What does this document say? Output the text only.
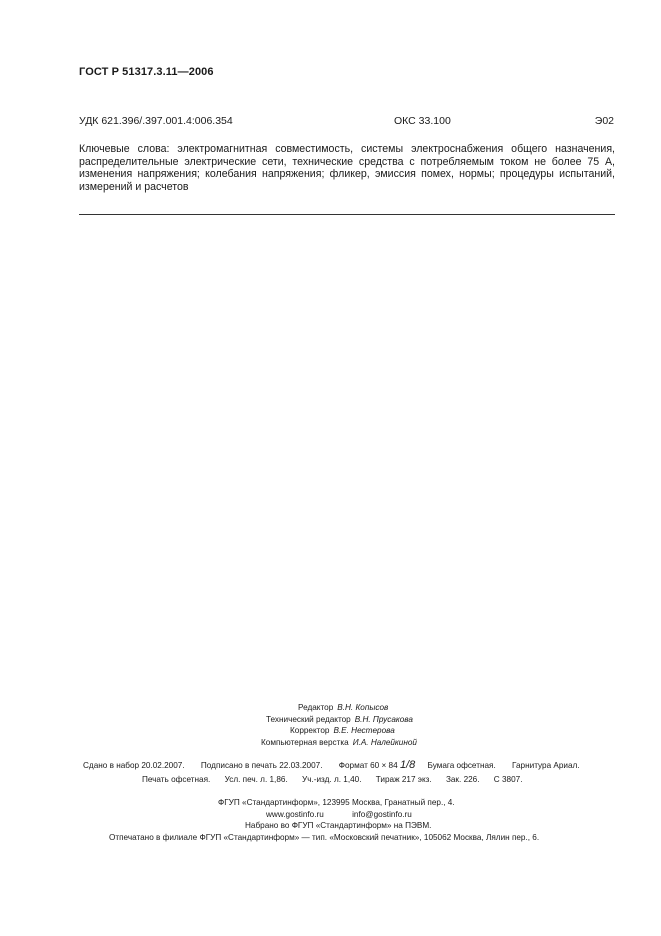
ГОСТ Р 51317.3.11—2006
УДК 621.396/.397.001.4:006.354	ОКС 33.100	Э02
Ключевые слова: электромагнитная совместимость, системы электроснабжения общего назначения, распределительные электрические сети, технические средства с потребляемым током не более 75 А, изменения напряжения; колебания напряжения; фликер, эмиссия помех, нормы; процедуры испытаний, измерений и расчетов
Редактор В.Н. Копысов
Технический редактор В.Н. Прусакова
Корректор В.Е. Нестерова
Компьютерная верстка И.А. Налейкиной
Сдано в набор 20.02.2007. Подписано в печать 22.03.2007. Формат 60 × 84 1/8 Бумага офсетная. Гарнитура Ариал.
Печать офсетная. Усл. печ. л. 1,86. Уч.-изд. л. 1,40. Тираж 217 экз. Зак. 226. С 3807.
ФГУП «Стандартинформ», 123995 Москва, Гранатный пер., 4.
www.gostinfo.ru	info@gostinfo.ru
Набрано во ФГУП «Стандартинформ» на ПЭВМ.
Отпечатано в филиале ФГУП «Стандартинформ» — тип. «Московский печатник», 105062 Москва, Лялин пер., 6.
